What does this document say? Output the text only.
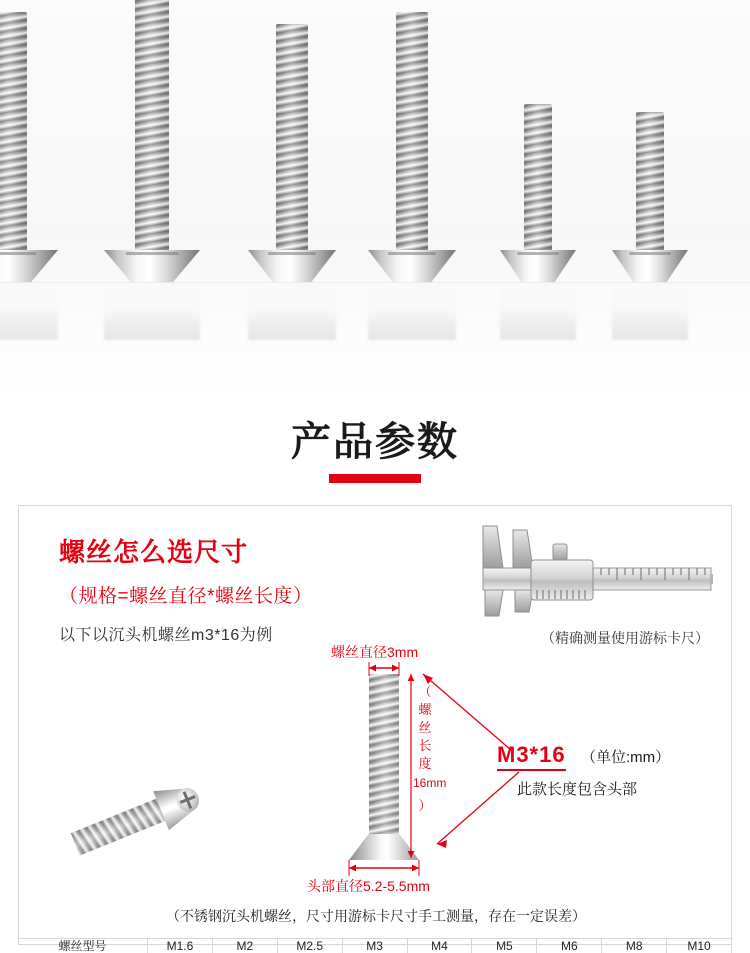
产品参数
螺丝怎么选尺寸
（规格=螺丝直径*螺丝长度）
以下以沉头机螺丝m3*16为例	（精确测量使用游标卡尺）
螺丝直径3mm
（
螺
丝
长
度
16mm
）
M3*16 （单位:mm）
此款长度包含头部
头部直径5.2-5.5mm
（不锈钢沉头机螺丝，尺寸用游标卡尺寸手工测量，存在一定误差）
螺丝型号	M1.6	M2	M2.5	M3	M4	M5	M6	M8	M10
